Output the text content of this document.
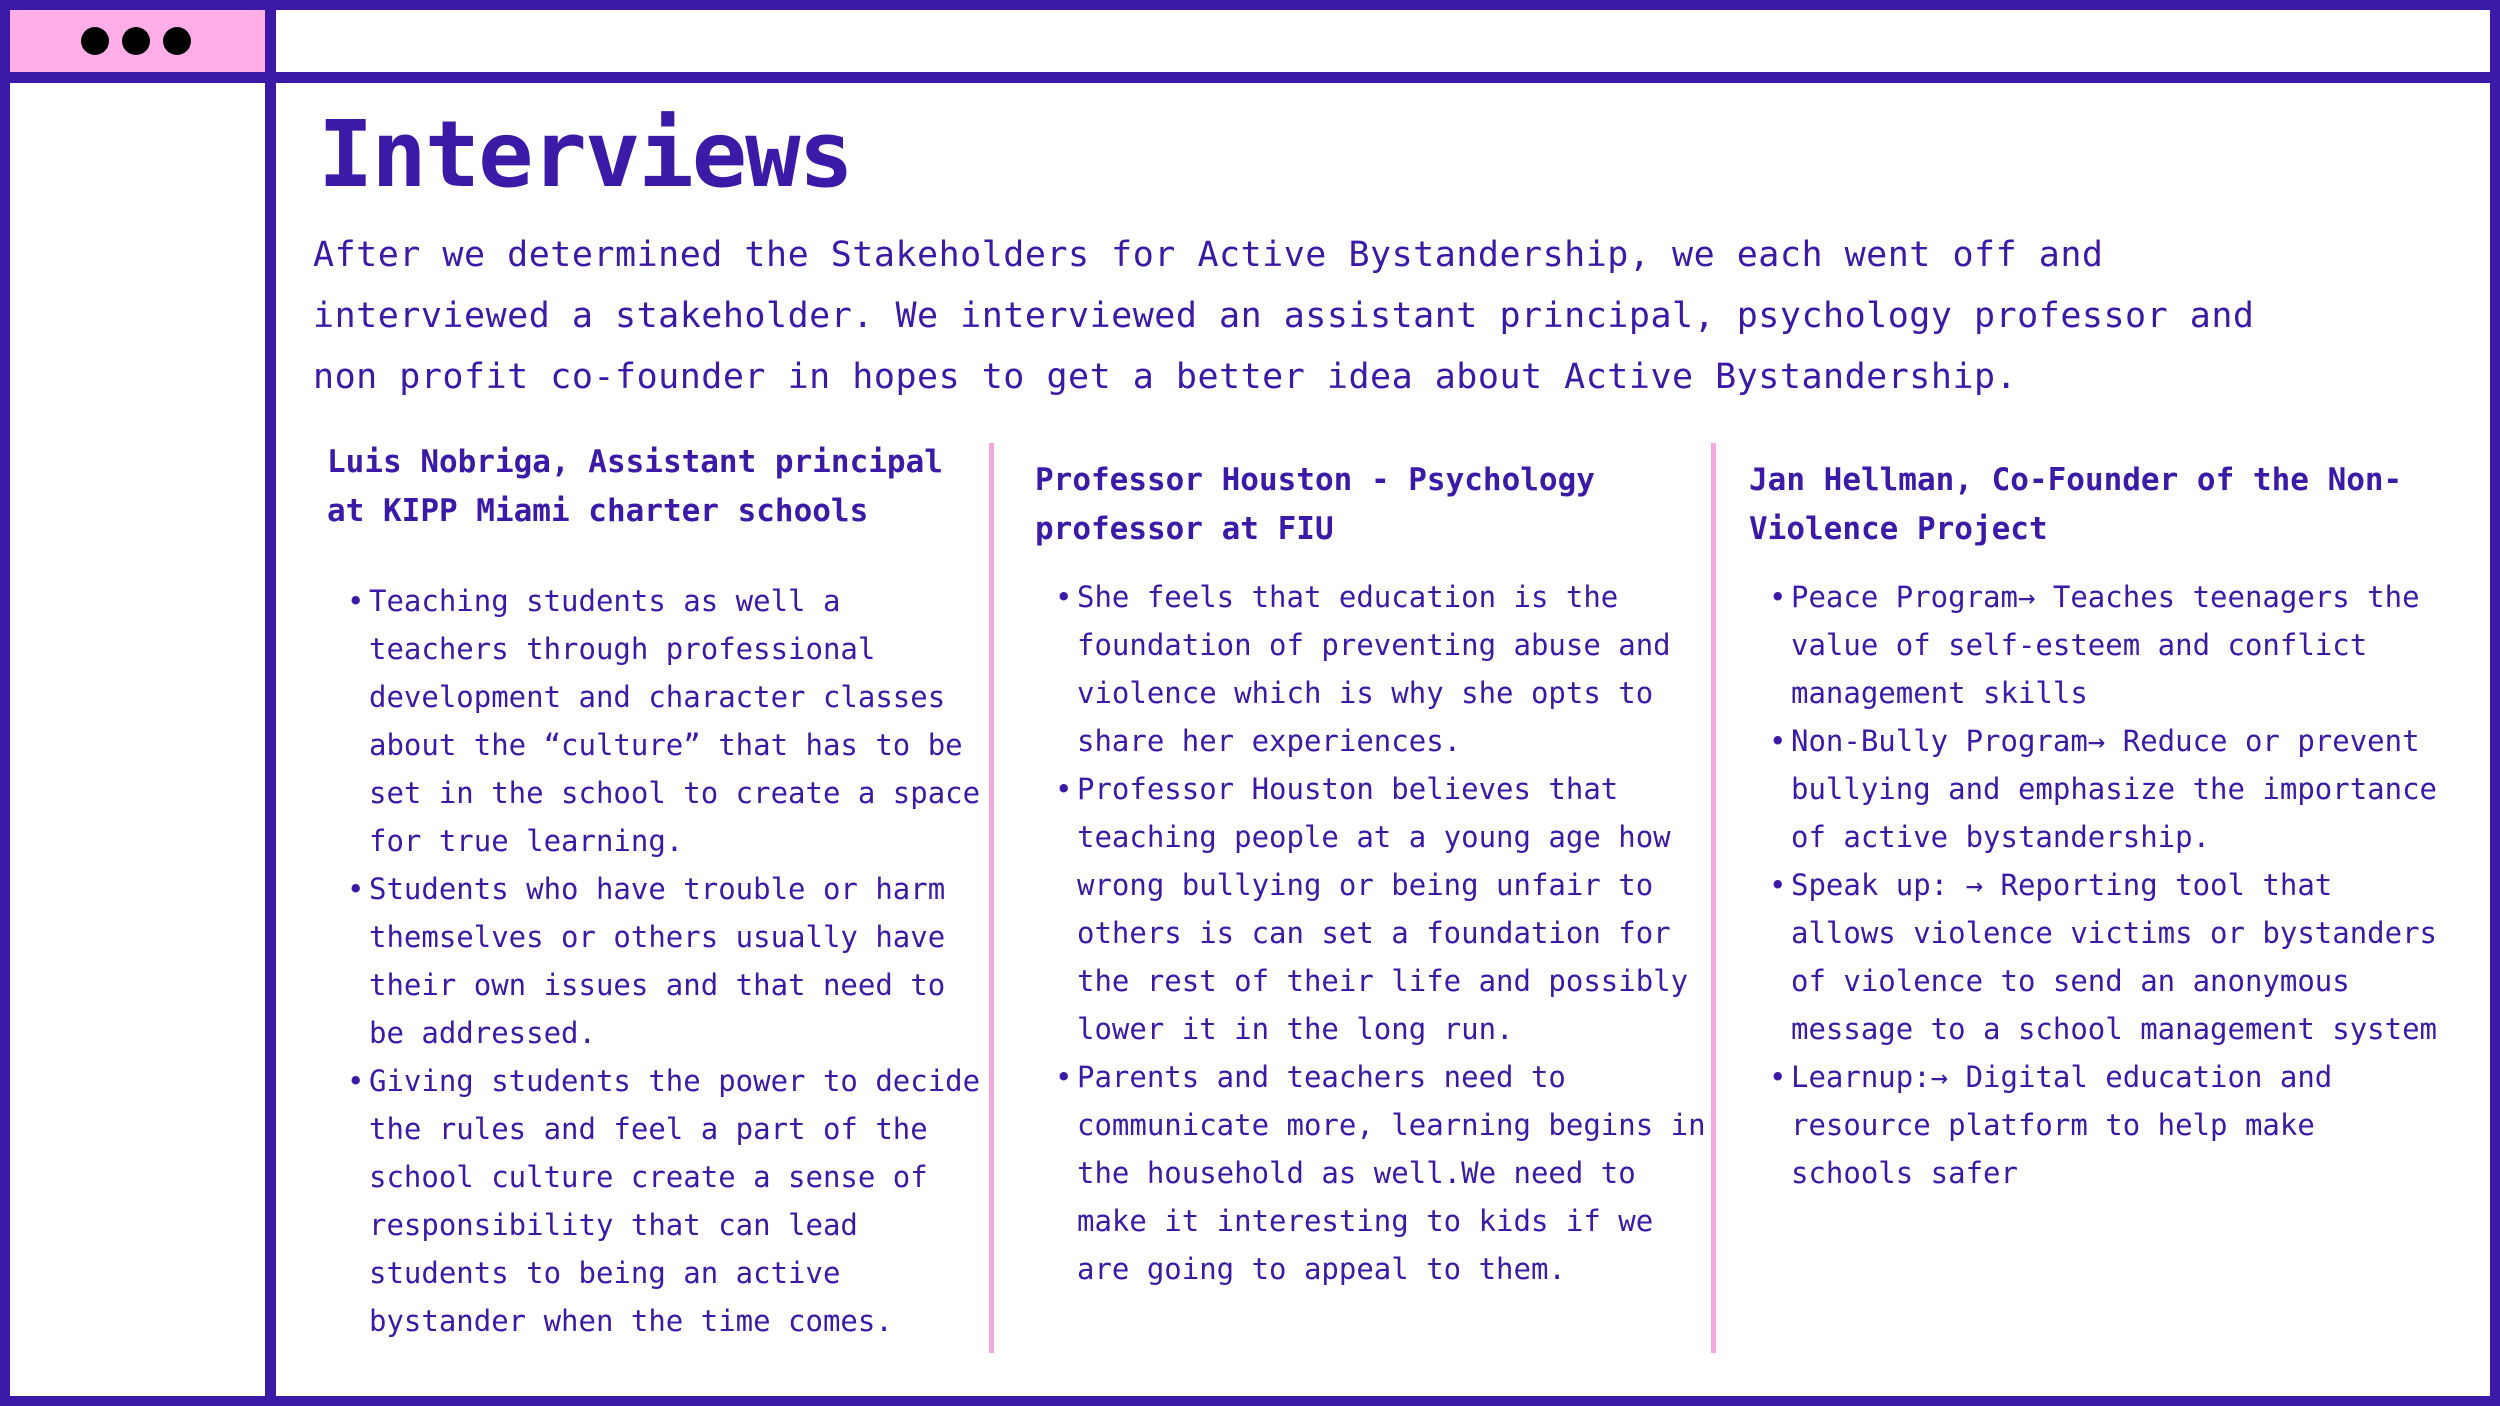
Interviews

After we determined the Stakeholders for Active Bystandership, we each went off and interviewed a stakeholder. We interviewed an assistant principal, psychology professor and non profit co-founder in hopes to get a better idea about Active Bystandership.

Luis Nobriga, Assistant principal at KIPP Miami charter schools
• Teaching students as well a teachers through professional development and character classes about the “culture” that has to be set in the school to create a space for true learning.
• Students who have trouble or harm themselves or others usually have their own issues and that need to be addressed.
• Giving students the power to decide the rules and feel a part of the school culture create a sense of responsibility that can lead students to being an active bystander when the time comes.
Professor Houston - Psychology professor at FIU
• She feels that education is the foundation of preventing abuse and violence which is why she opts to share her experiences.
• Professor Houston believes that teaching people at a young age how wrong bullying or being unfair to others is can set a foundation for the rest of their life and possibly lower it in the long run.
• Parents and teachers need to communicate more, learning begins in the household as well.We need to make it interesting to kids if we are going to appeal to them.
Jan Hellman, Co-Founder of the Non-Violence Project
• Peace Program→ Teaches teenagers the value of self-esteem and conflict management skills
• Non-Bully Program→ Reduce or prevent bullying and emphasize the importance of active bystandership.
• Speak up: → Reporting tool that allows violence victims or bystanders of violence to send an anonymous message to a school management system
• Learnup:→ Digital education and resource platform to help make schools safer
